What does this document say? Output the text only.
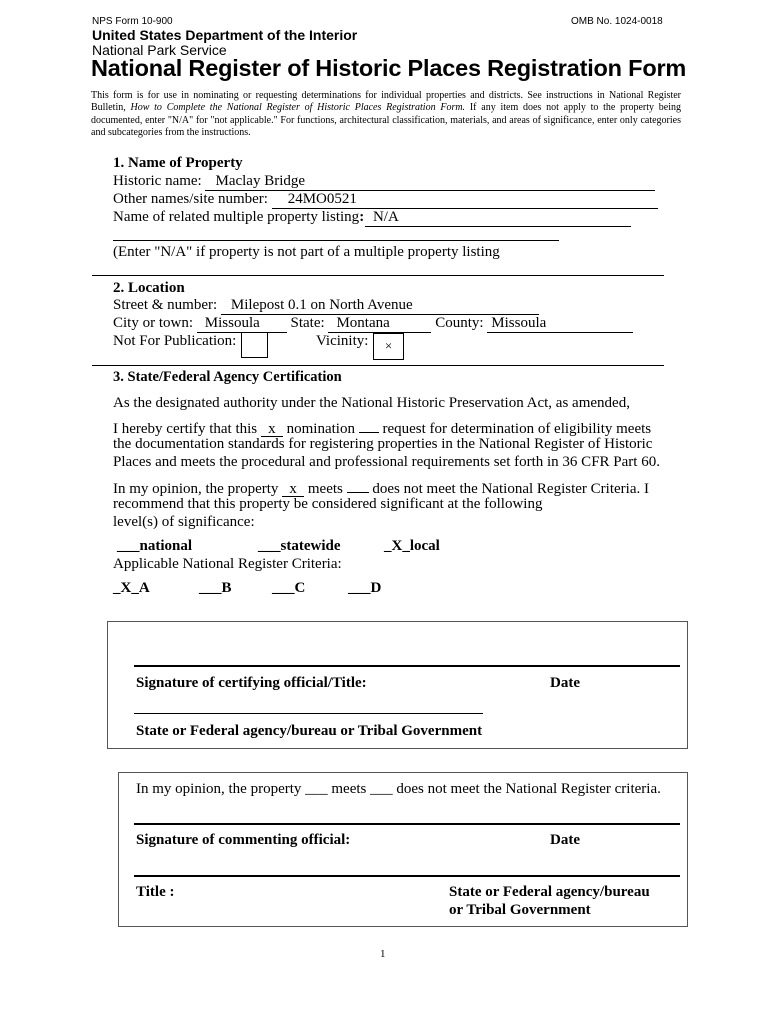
NPS Form 10-900	OMB No. 1024-0018
United States Department of the Interior
National Park Service
National Register of Historic Places Registration Form
This form is for use in nominating or requesting determinations for individual properties and districts. See instructions in National Register Bulletin, How to Complete the National Register of Historic Places Registration Form. If any item does not apply to the property being documented, enter "N/A" for "not applicable." For functions, architectural classification, materials, and areas of significance, enter only categories and subcategories from the instructions.
1. Name of Property
Historic name: Maclay Bridge
Other names/site number: 24MO0521
Name of related multiple property listing: N/A
(Enter "N/A" if property is not part of a multiple property listing
2. Location
Street & number: Milepost 0.1 on North Avenue
City or town: Missoula State: Montana	County: Missoula
Not For Publication:	Vicinity:	×
3. State/Federal Agency Certification
As the designated authority under the National Historic Preservation Act, as amended,
I hereby certify that this x nomination request for determination of eligibility meets
the documentation standards for registering properties in the National Register of Historic
Places and meets the procedural and professional requirements set forth in 36 CFR Part 60.
In my opinion, the property x meets does not meet the National Register Criteria. I
recommend that this property be considered significant at the following
level(s) of significance:
___national	___statewide	_X_local
Applicable National Register Criteria:
_X_A	___B	___C	___D
Signature of certifying official/Title:	Date
State or Federal agency/bureau or Tribal Government
In my opinion, the property ___ meets ___ does not meet the National Register criteria.
Signature of commenting official:	Date
Title :	State or Federal agency/bureau
or Tribal Government
1
